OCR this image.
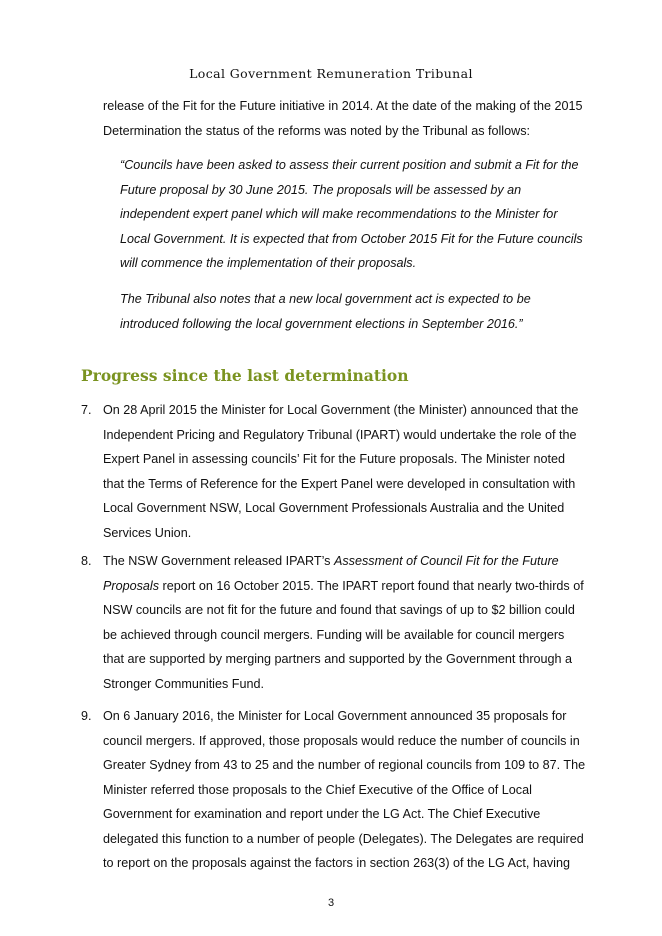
Local Government Remuneration Tribunal
release of the Fit for the Future initiative in 2014. At the date of the making of the 2015 Determination the status of the reforms was noted by the Tribunal as follows:
“Councils have been asked to assess their current position and submit a Fit for the Future proposal by 30 June 2015. The proposals will be assessed by an independent expert panel which will make recommendations to the Minister for Local Government. It is expected that from October 2015 Fit for the Future councils will commence the implementation of their proposals.
The Tribunal also notes that a new local government act is expected to be introduced following the local government elections in September 2016.”
Progress since the last determination
7. On 28 April 2015 the Minister for Local Government (the Minister) announced that the Independent Pricing and Regulatory Tribunal (IPART) would undertake the role of the Expert Panel in assessing councils’ Fit for the Future proposals. The Minister noted that the Terms of Reference for the Expert Panel were developed in consultation with Local Government NSW, Local Government Professionals Australia and the United Services Union.
8. The NSW Government released IPART’s Assessment of Council Fit for the Future Proposals report on 16 October 2015. The IPART report found that nearly two-thirds of NSW councils are not fit for the future and found that savings of up to $2 billion could be achieved through council mergers. Funding will be available for council mergers that are supported by merging partners and supported by the Government through a Stronger Communities Fund.
9. On 6 January 2016, the Minister for Local Government announced 35 proposals for council mergers. If approved, those proposals would reduce the number of councils in Greater Sydney from 43 to 25 and the number of regional councils from 109 to 87. The Minister referred those proposals to the Chief Executive of the Office of Local Government for examination and report under the LG Act. The Chief Executive delegated this function to a number of people (Delegates). The Delegates are required to report on the proposals against the factors in section 263(3) of the LG Act, having
3
